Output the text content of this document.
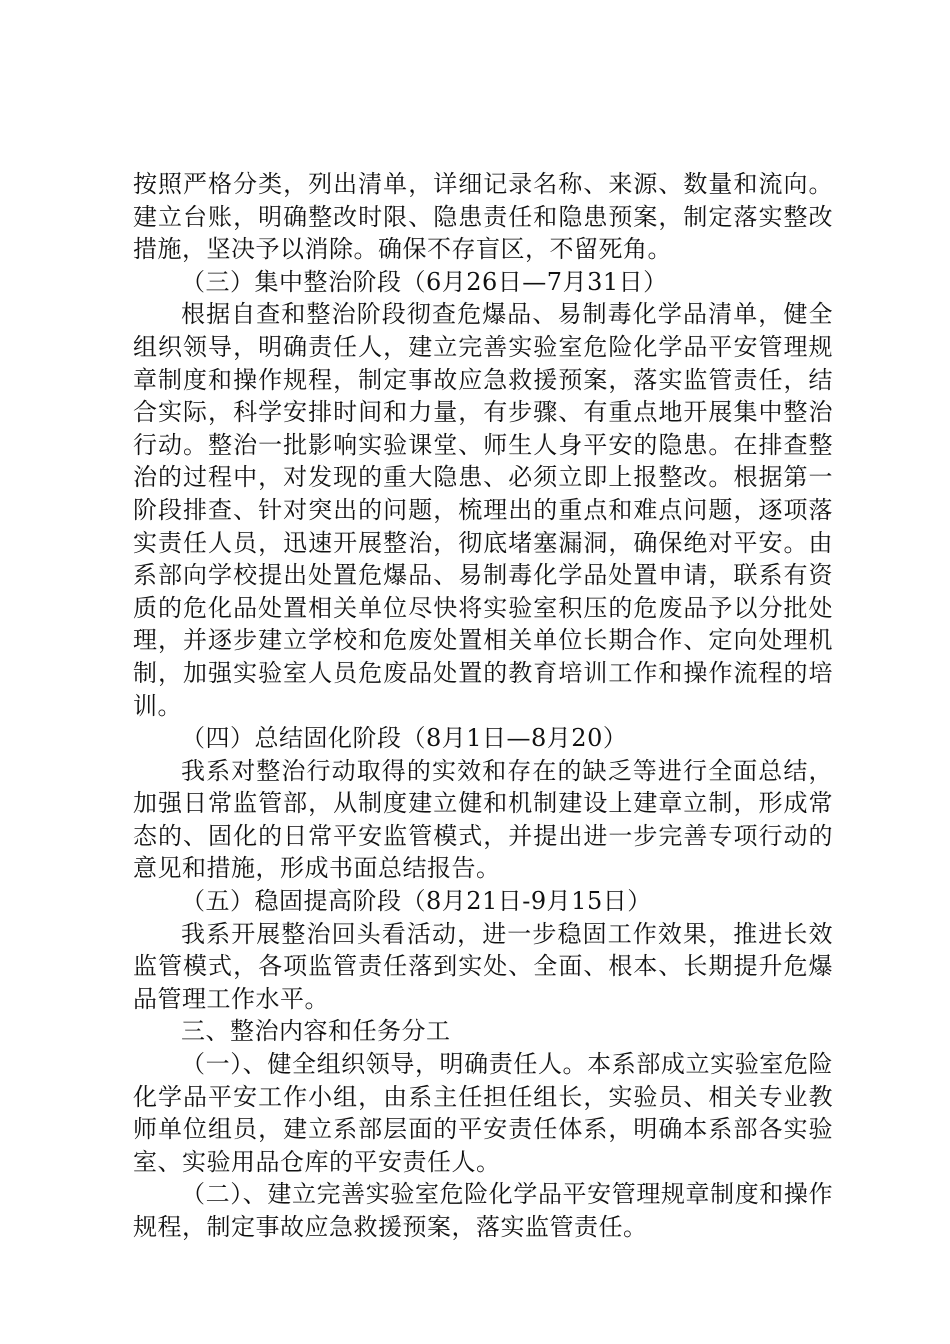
按照严格分类，列出清单，详细记录名称、来源、数量和流向。建立台账，明确整改时限、隐患责任和隐患预案，制定落实整改措施，坚决予以消除。确保不存盲区，不留死角。

（三）集中整治阶段（6月26日—7月31日）

根据自查和整治阶段彻查危爆品、易制毒化学品清单，健全组织领导，明确责任人，建立完善实验室危险化学品平安管理规章制度和操作规程，制定事故应急救援预案，落实监管责任，结合实际，科学安排时间和力量，有步骤、有重点地开展集中整治行动。整治一批影响实验课堂、师生人身平安的隐患。在排查整治的过程中，对发现的重大隐患、必须立即上报整改。根据第一阶段排查、针对突出的问题，梳理出的重点和难点问题，逐项落实责任人员，迅速开展整治，彻底堵塞漏洞，确保绝对平安。由系部向学校提出处置危爆品、易制毒化学品处置申请，联系有资质的危化品处置相关单位尽快将实验室积压的危废品予以分批处理，并逐步建立学校和危废处置相关单位长期合作、定向处理机制，加强实验室人员危废品处置的教育培训工作和操作流程的培训。

（四）总结固化阶段（8月1日—8月20）

我系对整治行动取得的实效和存在的缺乏等进行全面总结，加强日常监管部，从制度建立健和机制建设上建章立制，形成常态的、固化的日常平安监管模式，并提出进一步完善专项行动的意见和措施，形成书面总结报告。

（五）稳固提高阶段（8月21日-9月15日）

我系开展整治回头看活动，进一步稳固工作效果，推进长效监管模式，各项监管责任落到实处、全面、根本、长期提升危爆品管理工作水平。

三、整治内容和任务分工

（一）、健全组织领导，明确责任人。本系部成立实验室危险化学品平安工作小组，由系主任担任组长，实验员、相关专业教师单位组员，建立系部层面的平安责任体系，明确本系部各实验室、实验用品仓库的平安责任人。

（二）、建立完善实验室危险化学品平安管理规章制度和操作规程，制定事故应急救援预案，落实监管责任。
